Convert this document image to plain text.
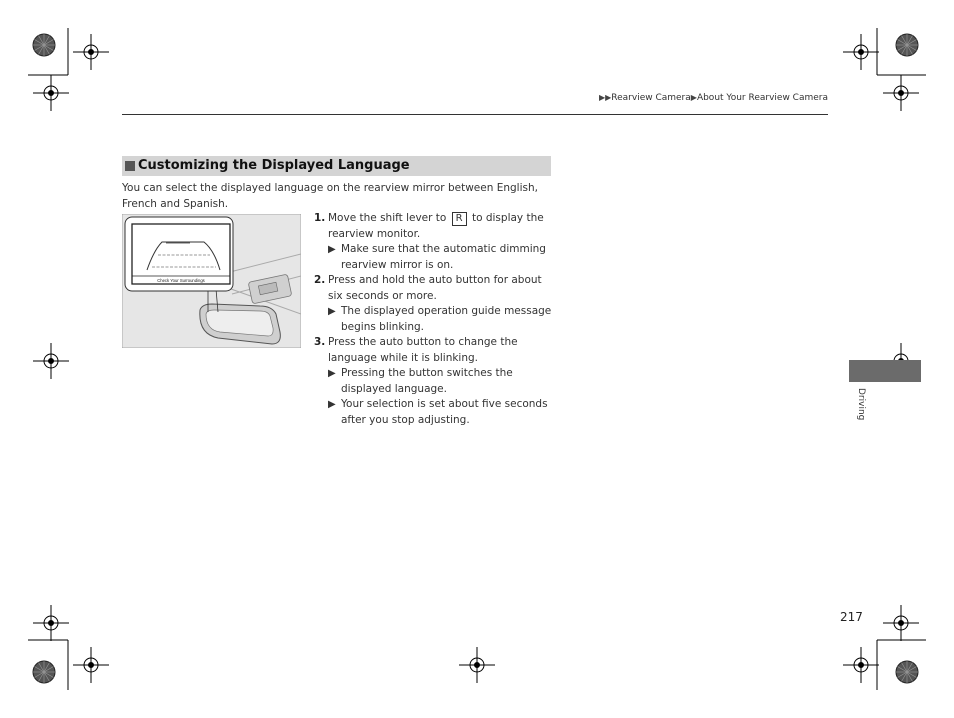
▶▶Rearview Camera▶About Your Rearview Camera
Customizing the Displayed Language
You can select the displayed language on the rearview mirror between English, French and Spanish.
Check Your Surroundings
1. Move the shift lever to R to display the rearview monitor.
▶ Make sure that the automatic dimming rearview mirror is on.
2. Press and hold the auto button for about six seconds or more.
▶ The displayed operation guide message begins blinking.
3. Press the auto button to change the language while it is blinking.
▶ Pressing the button switches the displayed language.
▶ Your selection is set about five seconds after you stop adjusting.	Driving
217
